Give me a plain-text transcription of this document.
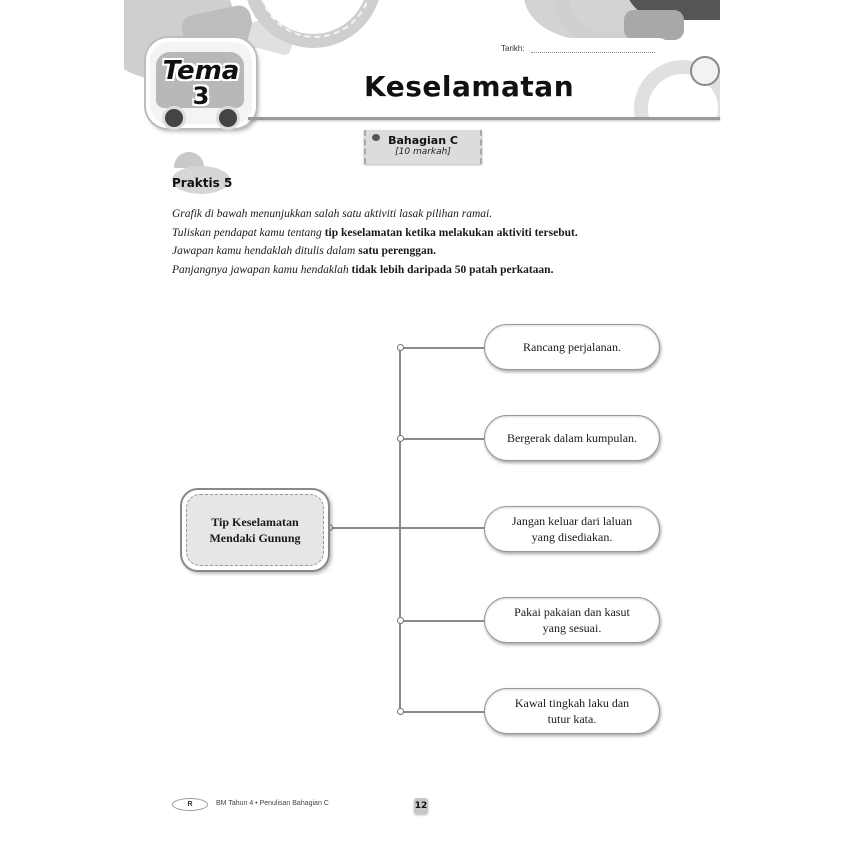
Tema
3
Tarikh:
Keselamatan
Bahagian C
[10 markah]
Praktis 5

Grafik di bawah menunjukkan salah satu aktiviti lasak pilihan ramai.

Tuliskan pendapat kamu tentang tip keselamatan ketika melakukan aktiviti tersebut.

Jawapan kamu hendaklah ditulis dalam satu perenggan.

Panjangnya jawapan kamu hendaklah tidak lebih daripada 50 patah perkataan.

Tip Keselamatan Mendaki Gunung
Rancang perjalanan.
Bergerak dalam kumpulan.
Jangan keluar dari laluan yang disediakan.
Pakai pakaian dan kasut yang sesuai.
Kawal tingkah laku dan tutur kata.
R	BM Tahun 4 • Penulisan Bahagian C	12
